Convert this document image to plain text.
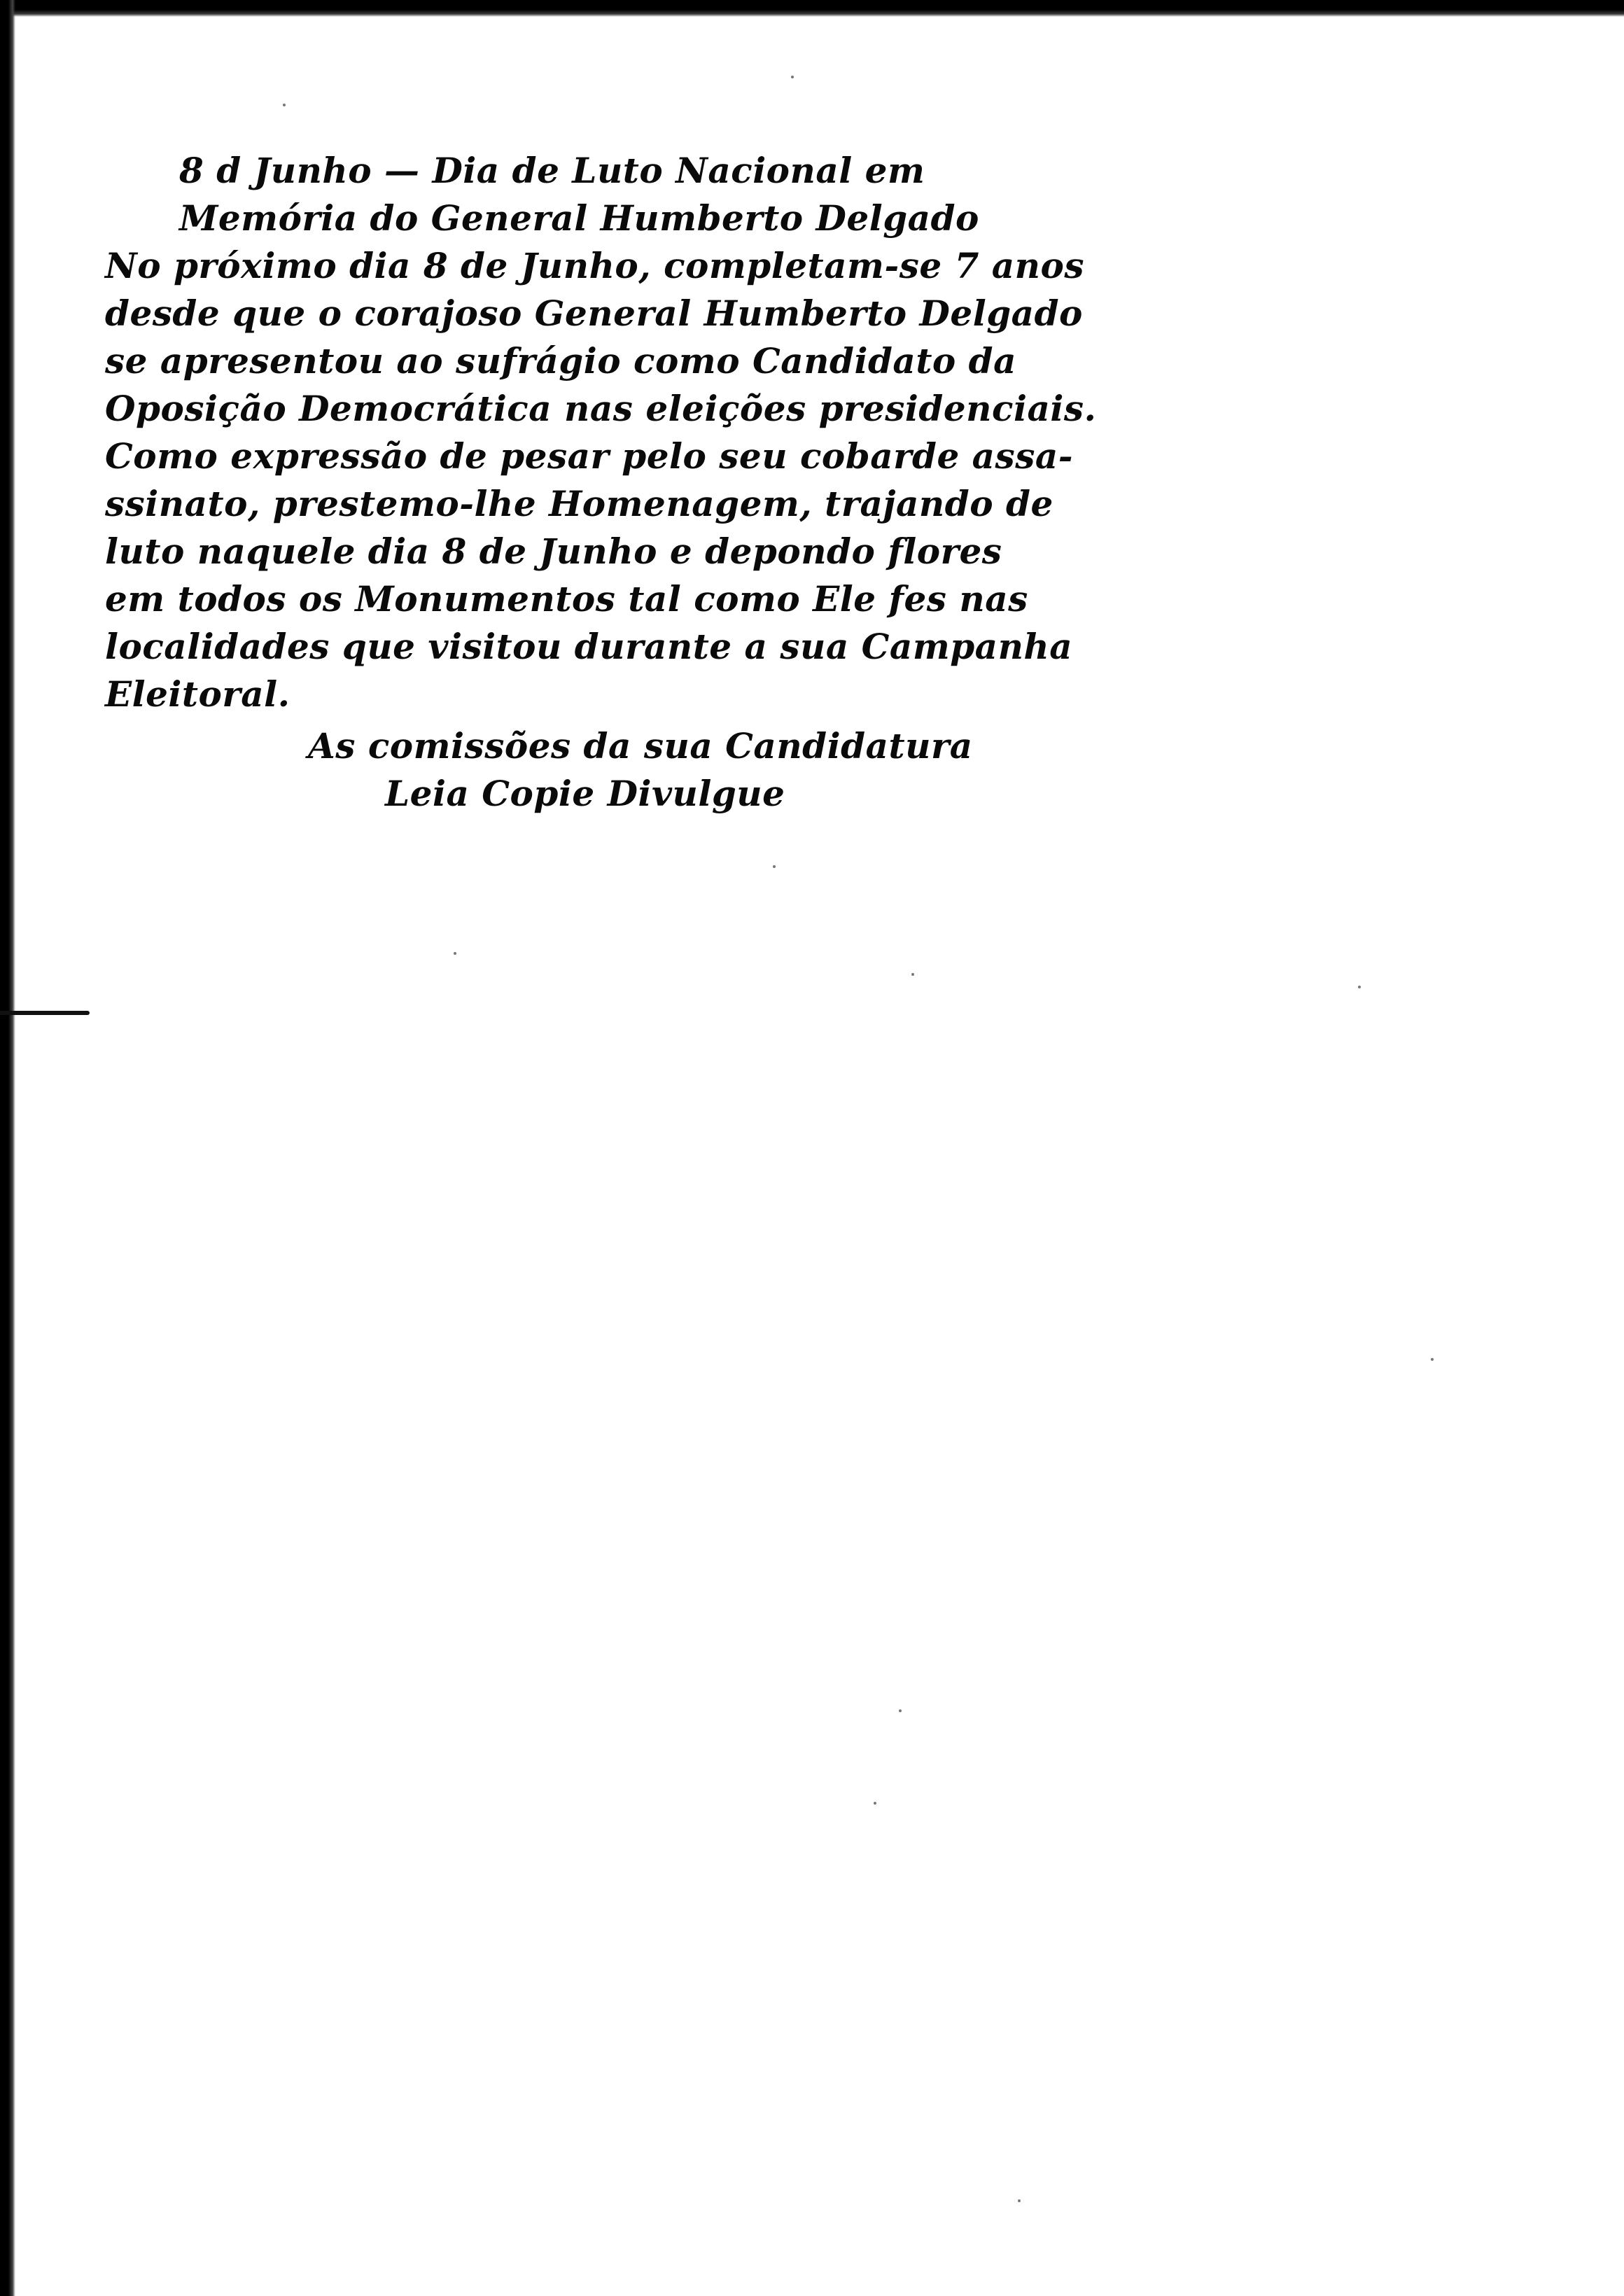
8 d Junho — Dia de Luto Nacional em
Memória do General Humberto Delgado
No próximo dia 8 de Junho, completam-se 7 anos
desde que o corajoso General Humberto Delgado
se apresentou ao sufrágio como Candidato da
Oposição Democrática nas eleições presidenciais.
Como expressão de pesar pelo seu cobarde assa-
ssinato, prestemo-lhe Homenagem, trajando de
luto naquele dia 8 de Junho e depondo flores
em todos os Monumentos tal como Ele fes nas
localidades que visitou durante a sua Campanha
Eleitoral.
As comissões da sua Candidatura
Leia Copie Divulgue
